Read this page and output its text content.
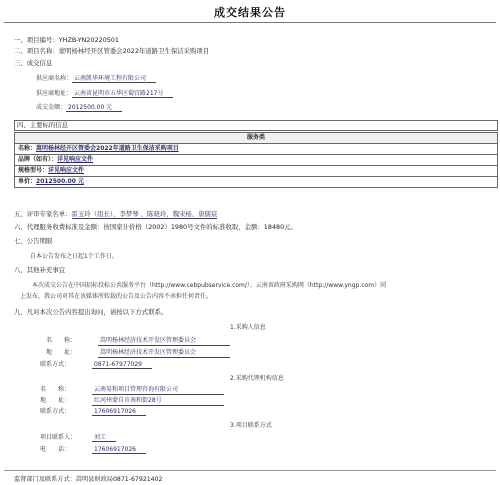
成交结果公告
一、项目编号：YHZB-YN20220501
二、项目名称：蒙明杨林经开区管委会2022年道路卫生保洁采购项目
三、成交信息
供应商名称： 云南凯华环境工程有限公司
供应商地址： 云南省昆明市五华区蜀宫路217号
成交金额： 2012500.00 元
四、主要标的信息
服务类
名称：嵩明杨林经开区管委会2022年道路卫生保洁采购项目
品牌（如有）：详见响应文件
规格型号：详见响应文件
单价：2012500.00 元
五、评审专家名单：雷玉玲（组长）、李梦琴 、陈晓玲、魏宋杨、唐儒宸
六、代理服务收费标准及金额：按国家计价格（2002）1980号文件的标准收取，金额：18480元。
七、公告期限
自本公告发布之日起1个工作日。
八、其他补充事宜
本次成交公告在中国招标投标公共服务平台（http://www.cebpubservice.com/）、云南省政府采购网（http://www.yngp.com）同
上发布，我公司对其在该媒体所转载的公告及公告内容不承担任何责任。
九、凡对本次公告内容提出询问，请按以下方式联系。
1.采购人信息
名　　称：	嵩明杨林经济技术开发区管理委员会
地　　址：	嵩明杨林经济技术开发区管理委员会
联系方式：	0871-67977029
2.采购代理机构信息
名　　称：	云南易和项目管理咨询有限公司
地　　址：	红河州蒙自市南和街28号
联系方式：	17606917026
3.项目联系方式
项目联系人：	刘工
电　　话：	17606917026
监督部门及联系方式：嵩明县财政局0871-67921402
